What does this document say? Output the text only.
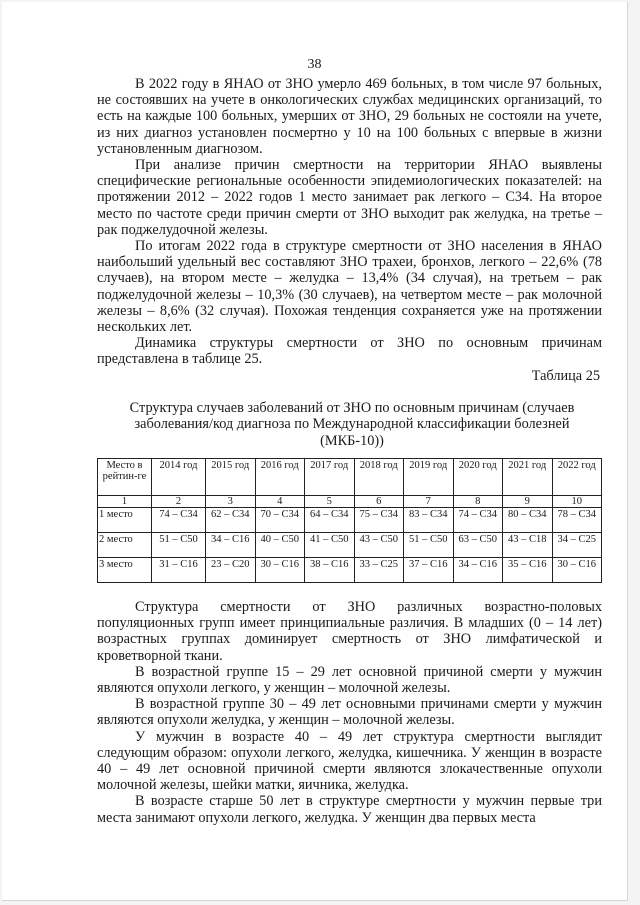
38

В 2022 году в ЯНАО от ЗНО умерло 469 больных, в том числе 97 больных, не состоявших на учете в онкологических службах медицинских организаций, то есть на каждые 100 больных, умерших от ЗНО, 29 больных не состояли на учете, из них диагноз установлен посмертно у 10 на 100 больных с впервые в жизни установленным диагнозом.

При анализе причин смертности на территории ЯНАО выявлены специфические региональные особенности эпидемиологических показателей: на протяжении 2012 – 2022 годов 1 место занимает рак легкого – С34. На второе место по частоте среди причин смерти от ЗНО выходит рак желудка, на третье – рак поджелудочной железы.

По итогам 2022 года в структуре смертности от ЗНО населения в ЯНАО наибольший удельный вес составляют ЗНО трахеи, бронхов, легкого – 22,6% (78 случаев), на втором месте – желудка – 13,4% (34 случая), на третьем – рак поджелудочной железы – 10,3% (30 случаев), на четвертом месте – рак молочной железы – 8,6% (32 случая). Похожая тенденция сохраняется уже на протяжении нескольких лет.

Динамика структуры смертности от ЗНО по основным причинам представлена в таблице 25.

Таблица 25
Структура случаев заболеваний от ЗНО по основным причинам (случаев заболевания/код диагноза по Международной классификации болезней (МКБ-10))
Место в рейтин-ге	2014 год	2015 год	2016 год	2017 год	2018 год	2019 год	2020 год	2021 год	2022 год
1	2	3	4	5	6	7	8	9	10
1 место	74 – С34	62 – С34	70 – С34	64 – С34	75 – С34	83 – С34	74 – С34	80 – С34	78 – С34
2 место	51 – С50	34 – С16	40 – С50	41 – С50	43 – С50	51 – С50	63 – С50	43 – С18	34 – С25
3 место	31 – С16	23 – С20	30 – С16	38 – С16	33 – С25	37 – С16	34 – С16	35 – С16	30 – С16

Структура смертности от ЗНО различных возрастно-половых популяционных групп имеет принципиальные различия. В младших (0 – 14 лет) возрастных группах доминирует смертность от ЗНО лимфатической и кроветворной ткани.

В возрастной группе 15 – 29 лет основной причиной смерти у мужчин являются опухоли легкого, у женщин – молочной железы.

В возрастной группе 30 – 49 лет основными причинами смерти у мужчин являются опухоли желудка, у женщин – молочной железы.

У мужчин в возрасте 40 – 49 лет структура смертности выглядит следующим образом: опухоли легкого, желудка, кишечника. У женщин в возрасте 40 – 49 лет основной причиной смерти являются злокачественные опухоли молочной железы, шейки матки, яичника, желудка.

В возрасте старше 50 лет в структуре смертности у мужчин первые три места занимают опухоли легкого, желудка. У женщин два первых места
